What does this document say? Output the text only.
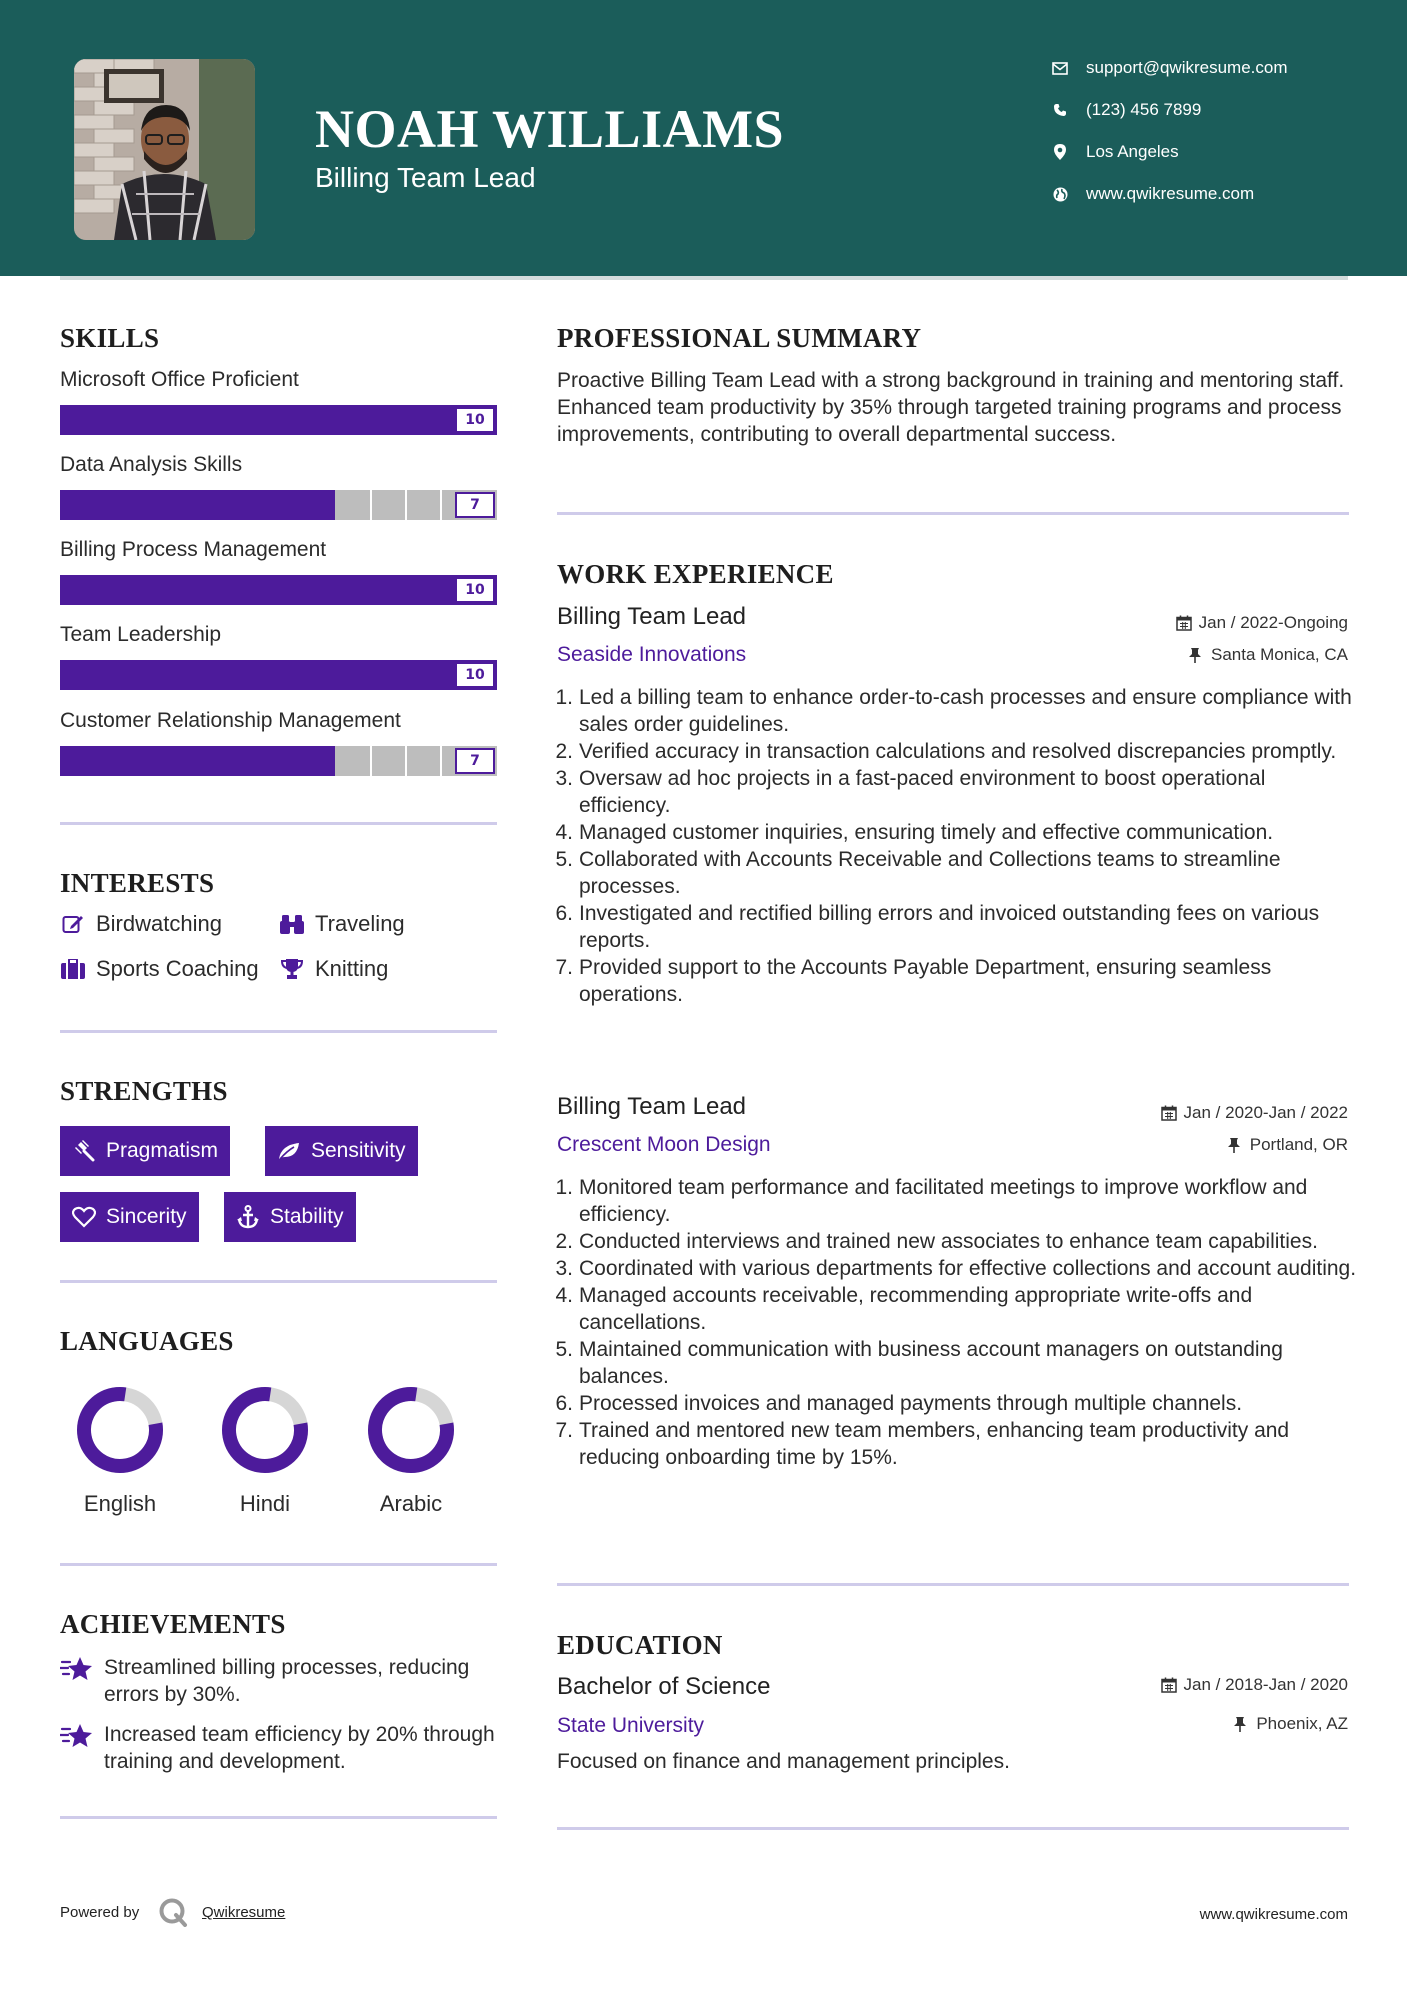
NOAH WILLIAMS
Billing Team Lead
support@qwikresume.com
(123) 456 7899
Los Angeles
www.qwikresume.com
SKILLS
Microsoft Office Proficient
10
Data Analysis Skills
7
Billing Process Management
10
Team Leadership
10
Customer Relationship Management
7
INTERESTS
Birdwatching	Traveling
Sports Coaching	Knitting
STRENGTHS
Pragmatism	Sensitivity
Sincerity	Stability
LANGUAGES
English	Hindi	Arabic
ACHIEVEMENTS
Streamlined billing processes, reducing errors by 30%.
Increased team efficiency by 20% through training and development.
PROFESSIONAL SUMMARY
Proactive Billing Team Lead with a strong background in training and mentoring staff. Enhanced team productivity by 35% through targeted training programs and process improvements, contributing to overall departmental success.
WORK EXPERIENCE
Billing Team Lead	Jan / 2022-Ongoing
Seaside Innovations	Santa Monica, CA
1. Led a billing team to enhance order-to-cash processes and ensure compliance with sales order guidelines.
2. Verified accuracy in transaction calculations and resolved discrepancies promptly.
3. Oversaw ad hoc projects in a fast-paced environment to boost operational efficiency.
4. Managed customer inquiries, ensuring timely and effective communication.
5. Collaborated with Accounts Receivable and Collections teams to streamline processes.
6. Investigated and rectified billing errors and invoiced outstanding fees on various reports.
7. Provided support to the Accounts Payable Department, ensuring seamless operations.
Billing Team Lead	Jan / 2020-Jan / 2022
Crescent Moon Design	Portland, OR
1. Monitored team performance and facilitated meetings to improve workflow and efficiency.
2. Conducted interviews and trained new associates to enhance team capabilities.
3. Coordinated with various departments for effective collections and account auditing.
4. Managed accounts receivable, recommending appropriate write-offs and cancellations.
5. Maintained communication with business account managers on outstanding balances.
6. Processed invoices and managed payments through multiple channels.
7. Trained and mentored new team members, enhancing team productivity and reducing onboarding time by 15%.
EDUCATION
Bachelor of Science	Jan / 2018-Jan / 2020
State University	Phoenix, AZ
Focused on finance and management principles.
Powered by	Qwikresume	www.qwikresume.com
